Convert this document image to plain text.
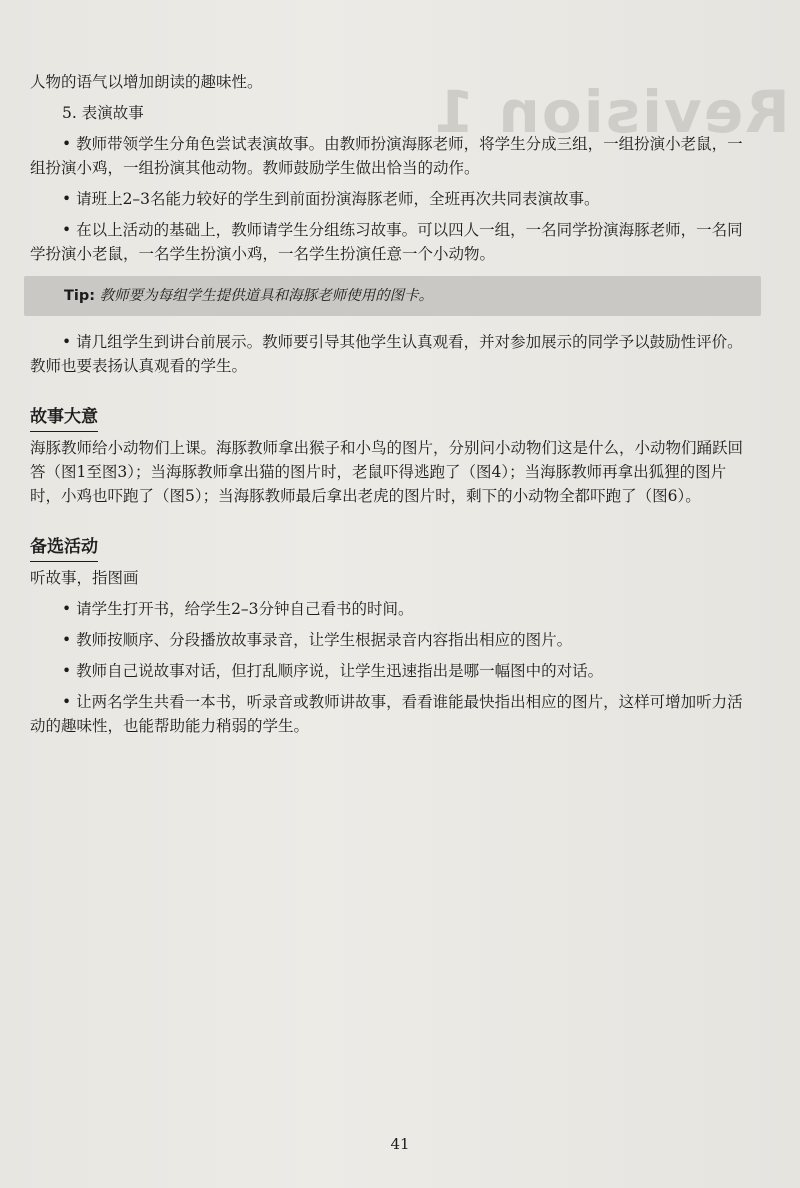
Revision 1

人物的语气以增加朗读的趣味性。

5. 表演故事

• 教师带领学生分角色尝试表演故事。由教师扮演海豚老师，将学生分成三组，一组扮演小老鼠，一组扮演小鸡，一组扮演其他动物。教师鼓励学生做出恰当的动作。

• 请班上2–3名能力较好的学生到前面扮演海豚老师，全班再次共同表演故事。

• 在以上活动的基础上，教师请学生分组练习故事。可以四人一组，一名同学扮演海豚老师，一名同学扮演小老鼠，一名学生扮演小鸡，一名学生扮演任意一个小动物。

Tip: 教师要为每组学生提供道具和海豚老师使用的图卡。

• 请几组学生到讲台前展示。教师要引导其他学生认真观看，并对参加展示的同学予以鼓励性评价。教师也要表扬认真观看的学生。

故事大意

海豚教师给小动物们上课。海豚教师拿出猴子和小鸟的图片，分别问小动物们这是什么，小动物们踊跃回答（图1至图3）；当海豚教师拿出猫的图片时，老鼠吓得逃跑了（图4）；当海豚教师再拿出狐狸的图片时，小鸡也吓跑了（图5）；当海豚教师最后拿出老虎的图片时，剩下的小动物全都吓跑了（图6）。

备选活动

听故事，指图画

• 请学生打开书，给学生2–3分钟自己看书的时间。

• 教师按顺序、分段播放故事录音，让学生根据录音内容指出相应的图片。

• 教师自己说故事对话，但打乱顺序说，让学生迅速指出是哪一幅图中的对话。

• 让两名学生共看一本书，听录音或教师讲故事，看看谁能最快指出相应的图片，这样可增加听力活动的趣味性，也能帮助能力稍弱的学生。

41
